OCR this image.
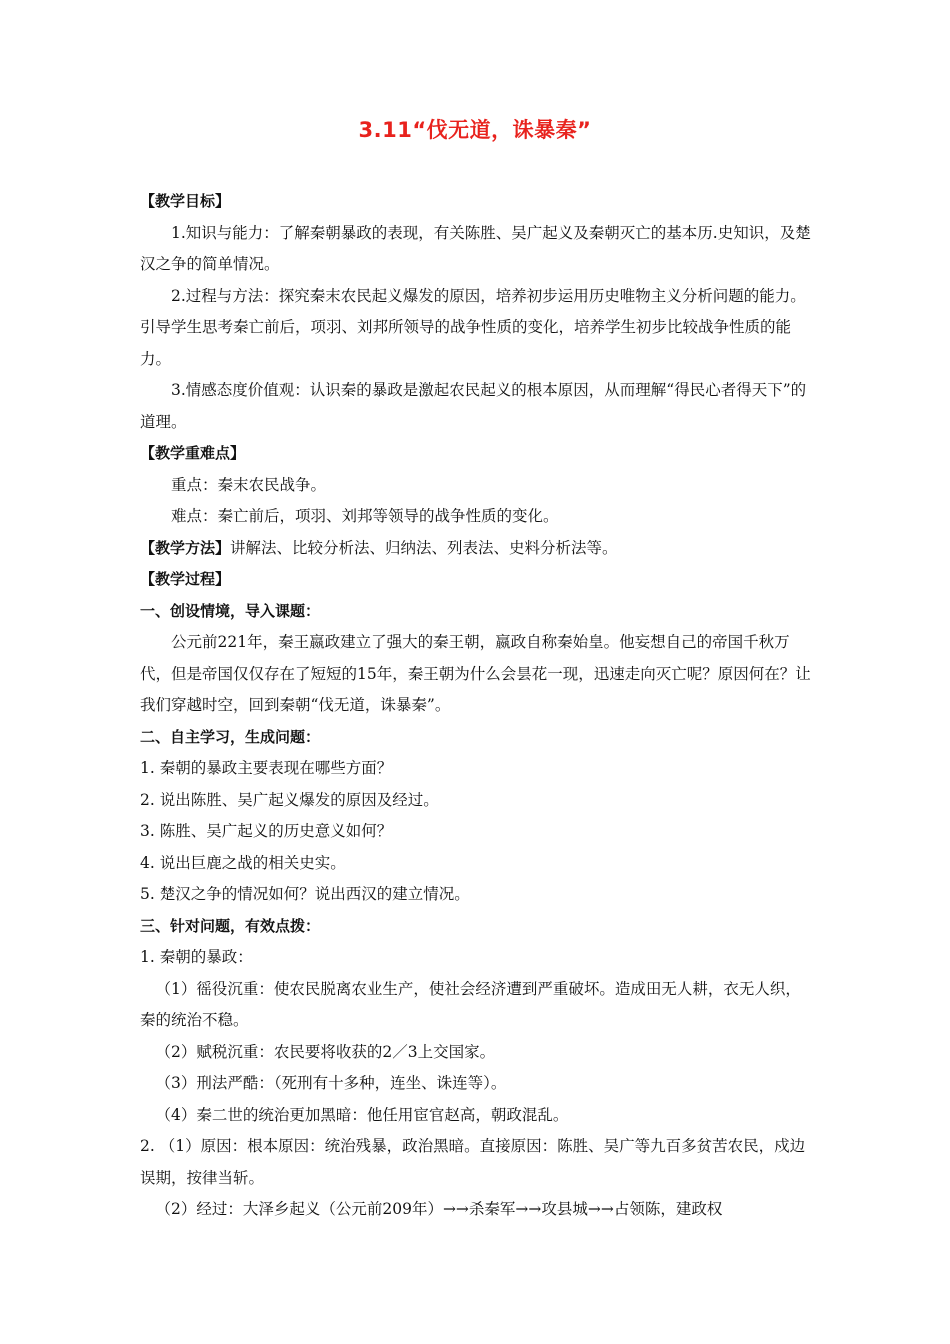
3.11“伐无道，诛暴秦”

【教学目标】

1.知识与能力：了解秦朝暴政的表现，有关陈胜、吴广起义及秦朝灭亡的基本历.史知识，及楚汉之争的简单情况。

2.过程与方法：探究秦末农民起义爆发的原因，培养初步运用历史唯物主义分析问题的能力。引导学生思考秦亡前后，项羽、刘邦所领导的战争性质的变化，培养学生初步比较战争性质的能力。

3.情感态度价值观：认识秦的暴政是激起农民起义的根本原因，从而理解“得民心者得天下”的道理。

【教学重难点】

重点：秦末农民战争。

难点：秦亡前后，项羽、刘邦等领导的战争性质的变化。

【教学方法】讲解法、比较分析法、归纳法、列表法、史料分析法等。

【教学过程】

一、创设情境，导入课题：

公元前221年，秦王嬴政建立了强大的秦王朝，嬴政自称秦始皇。他妄想自己的帝国千秋万代，但是帝国仅仅存在了短短的15年，秦王朝为什么会昙花一现，迅速走向灭亡呢？原因何在？让我们穿越时空，回到秦朝“伐无道，诛暴秦”。

二、自主学习，生成问题：

1. 秦朝的暴政主要表现在哪些方面？

2. 说出陈胜、吴广起义爆发的原因及经过。

3. 陈胜、吴广起义的历史意义如何？

4. 说出巨鹿之战的相关史实。

5. 楚汉之争的情况如何？说出西汉的建立情况。

三、针对问题，有效点拨：

1. 秦朝的暴政：

（1）徭役沉重：使农民脱离农业生产，使社会经济遭到严重破坏。造成田无人耕，衣无人织，秦的统治不稳。

（2）赋税沉重：农民要将收获的2／3上交国家。

（3）刑法严酷：（死刑有十多种，连坐、诛连等）。

（4）秦二世的统治更加黑暗：他任用宦官赵高，朝政混乱。

2. （1）原因：根本原因：统治残暴，政治黑暗。直接原因：陈胜、吴广等九百多贫苦农民，戍边误期，按律当斩。

（2）经过：大泽乡起义（公元前209年）→→杀秦军→→攻县城→→占领陈，建政权
